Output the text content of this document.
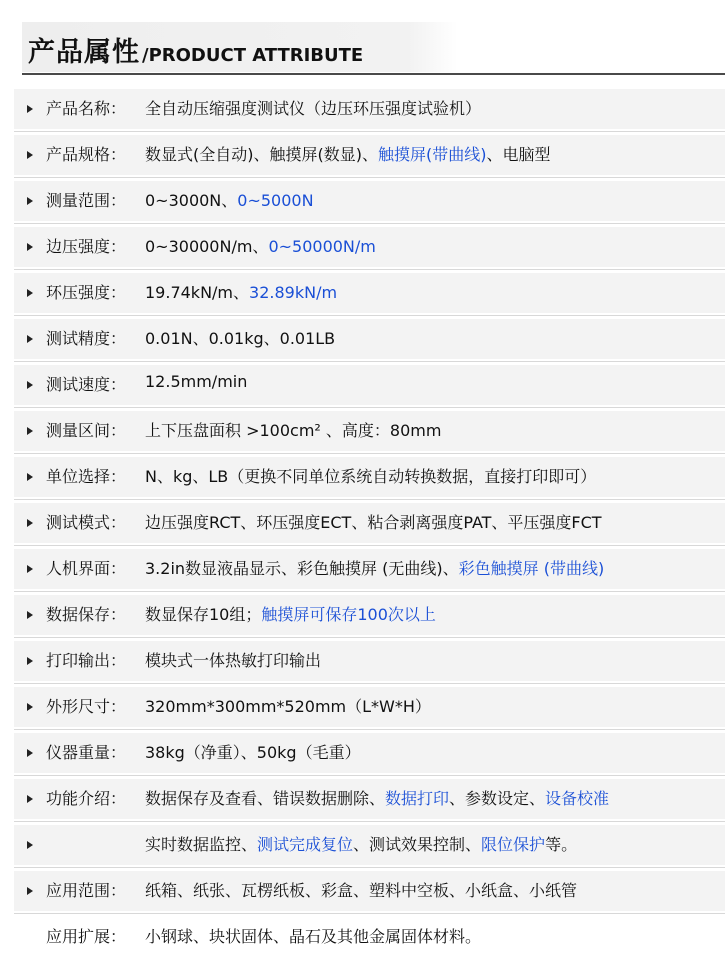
产品属性 /PRODUCT ATTRIBUTE
产品名称： 全自动压缩强度测试仪（边压环压强度试验机）
产品规格： 数显式(全自动)、触摸屏(数显)、触摸屏(带曲线)、电脑型
测量范围： 0~3000N、0~5000N
边压强度： 0~30000N/m、0~50000N/m
环压强度： 19.74kN/m、32.89kN/m
测试精度： 0.01N、0.01kg、0.01LB
测试速度： 12.5mm/min
测量区间： 上下压盘面积 >100cm² 、高度：80mm
单位选择： N、kg、LB（更换不同单位系统自动转换数据，直接打印即可）
测试模式： 边压强度RCT、环压强度ECT、粘合剥离强度PAT、平压强度FCT
人机界面： 3.2in数显液晶显示、彩色触摸屏 (无曲线)、彩色触摸屏 (带曲线)
数据保存： 数显保存10组；触摸屏可保存100次以上
打印输出： 模块式一体热敏打印输出
外形尺寸： 320mm*300mm*520mm（L*W*H）
仪器重量： 38kg（净重）、50kg（毛重）
功能介绍： 数据保存及查看、错误数据删除、数据打印、参数设定、设备校准
实时数据监控、测试完成复位、测试效果控制、限位保护等。
应用范围： 纸箱、纸张、瓦楞纸板、彩盒、塑料中空板、小纸盒、小纸管
应用扩展： 小钢球、块状固体、晶石及其他金属固体材料。
